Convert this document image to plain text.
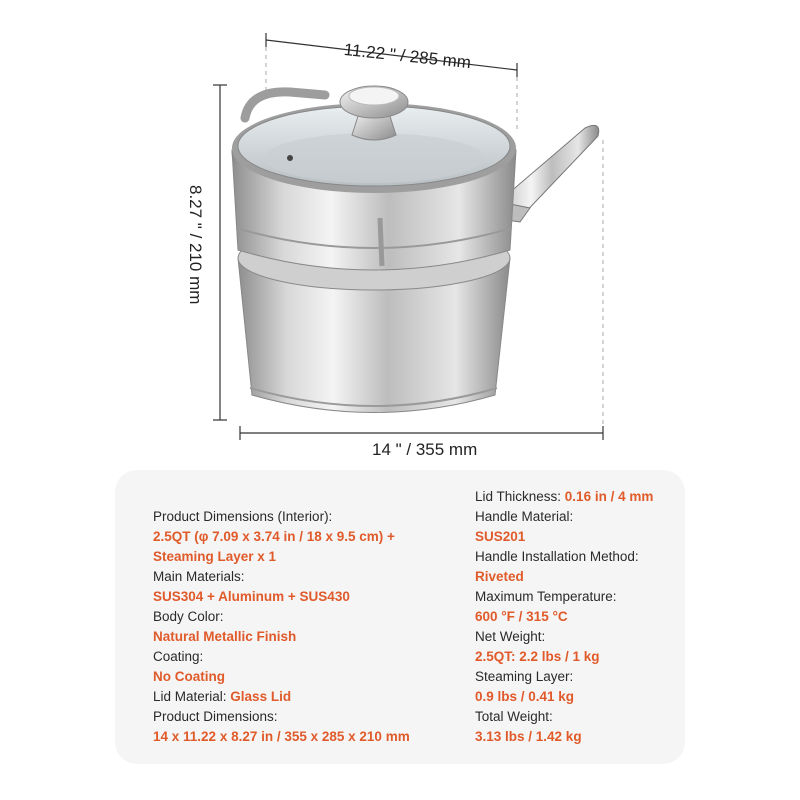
11.22 " / 285 mm
14 " / 355 mm
8.27 " / 210 mm
Product Dimensions (Interior):
2.5QT (φ 7.09 x 3.74 in / 18 x 9.5 cm) +
Steaming Layer x 1
Main Materials:
SUS304 + Aluminum + SUS430
Body Color:
Natural Metallic Finish
Coating:
No Coating
Lid Material: Glass Lid
Product Dimensions:
14 x 11.22 x 8.27 in / 355 x 285 x 210 mm
Lid Thickness: 0.16 in / 4 mm
Handle Material:
SUS201
Handle Installation Method:
Riveted
Maximum Temperature:
600 °F / 315 °C
Net Weight:
2.5QT: 2.2 lbs / 1 kg
Steaming Layer:
0.9 lbs / 0.41 kg
Total Weight:
3.13 lbs / 1.42 kg
